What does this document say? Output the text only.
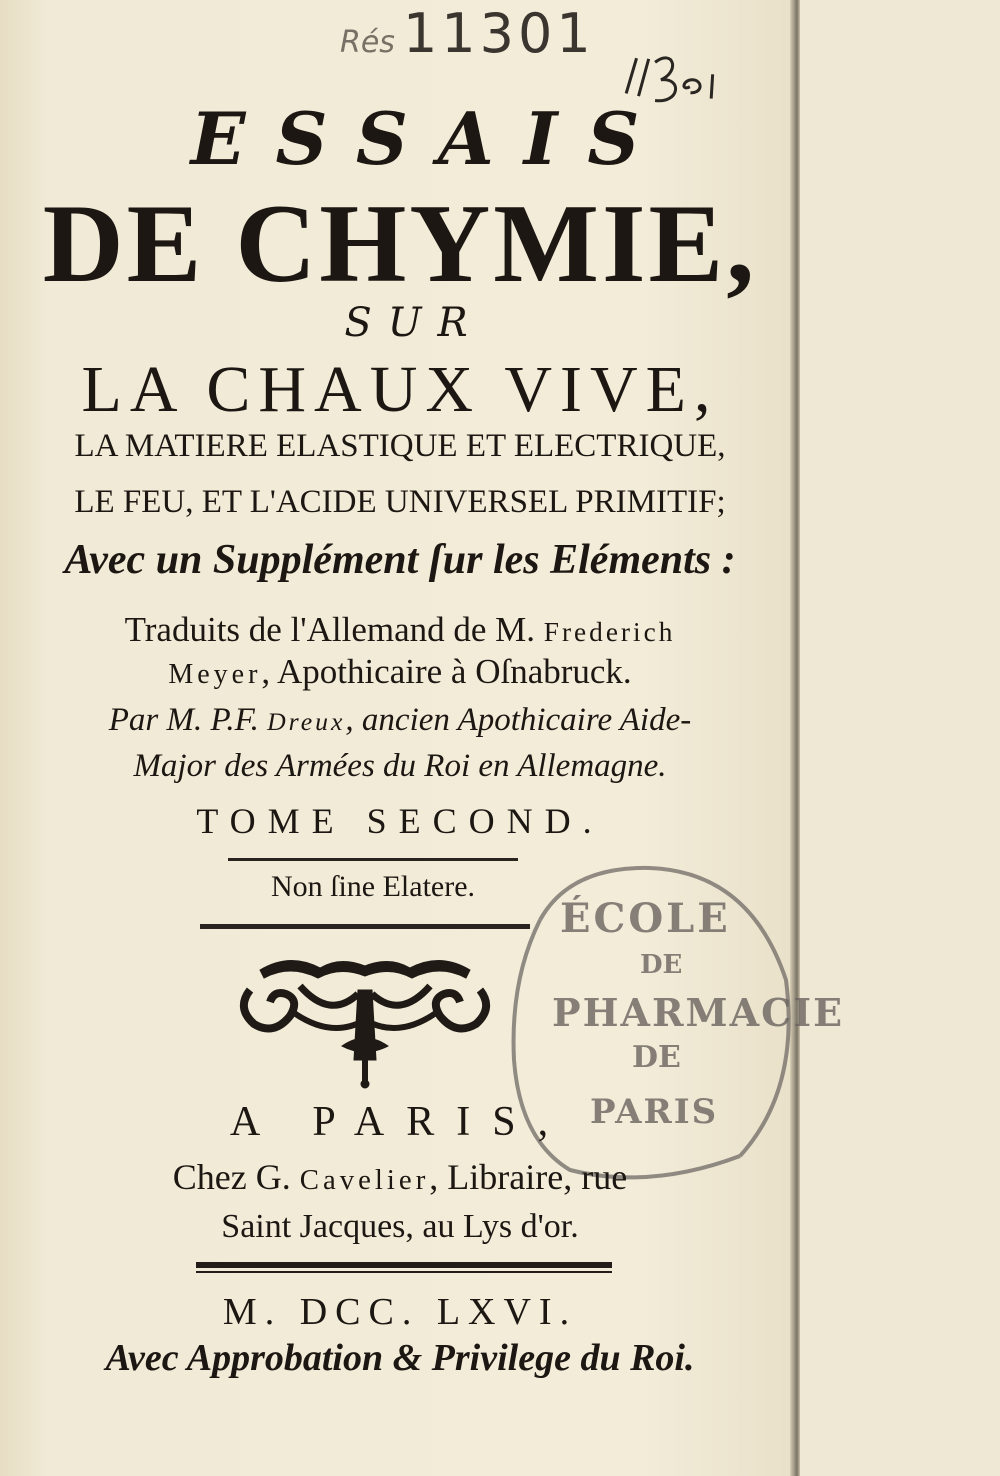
Rés 11301
ESSAIS
DE CHYMIE,
SUR
LA CHAUX VIVE,
LA MATIERE ELASTIQUE ET ELECTRIQUE,
LE FEU, ET L'ACIDE UNIVERSEL PRIMITIF;
Avec un Supplément ſur les Eléments :
Traduits de l'Allemand de M. Frederich
Meyer, Apothicaire à Oſnabruck.
Par M. P.F. Dreux, ancien Apothicaire Aide-
Major des Armées du Roi en Allemagne.
TOME SECOND.
Non ſine Elatere.
ÉCOLE
DE
PHARMACIE
DE
PARIS
A PARIS,
Chez G. Cavelier, Libraire, rue
Saint Jacques, au Lys d'or.
M. DCC. LXVI.
Avec Approbation & Privilege du Roi.
